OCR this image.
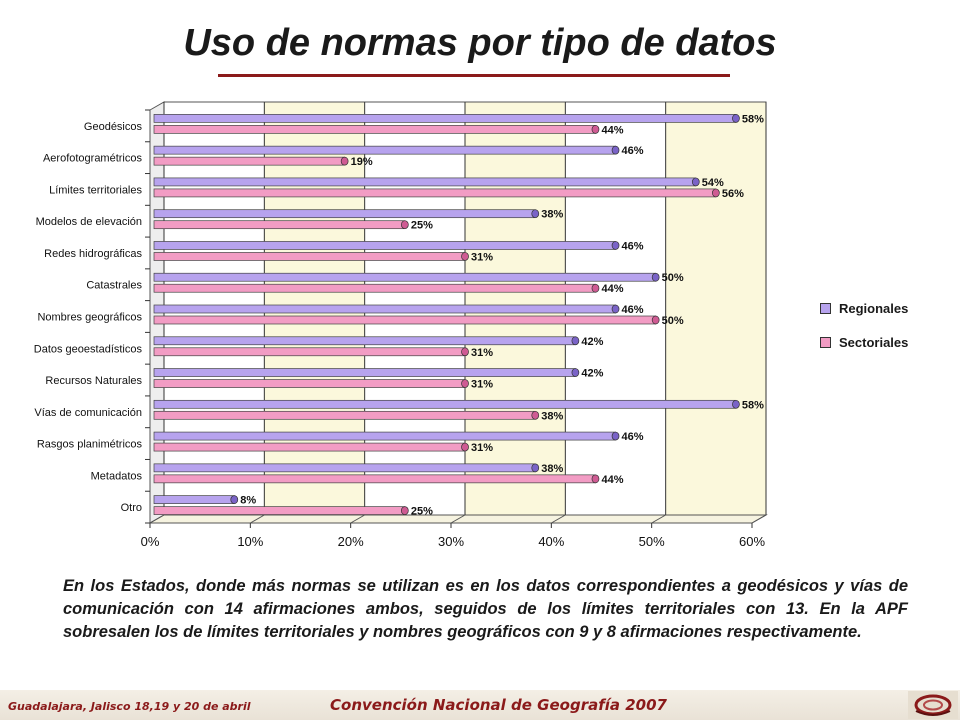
Uso de normas por tipo de datos
0%	10%	20%	30%	40%	50%	60%
Geodésicos
58%
44%
Aerofotogramétricos
46%
19%
Límites territoriales
54%
56%
Modelos de elevación
38%
25%
Redes hidrográficas
46%
31%
Catastrales
50%
44%
Nombres geográficos
46%
50%
Datos geoestadísticos
42%
31%
Recursos Naturales
42%
31%
Vías de comunicación
58%
38%
Rasgos planimétricos
46%
31%
Metadatos
38%
44%
Otro
8%
25%
Regionales
Sectoriales

En los Estados, donde más normas se utilizan es en los datos correspondientes a geodésicos y vías de comunicación con 14 afirmaciones ambos, seguidos de los límites territoriales con 13. En la APF sobresalen los de límites territoriales y nombres geográficos con 9 y 8 afirmaciones respectivamente.

Guadalajara, Jalisco 18,19 y 20 de abril	Convención Nacional de Geografía 2007
